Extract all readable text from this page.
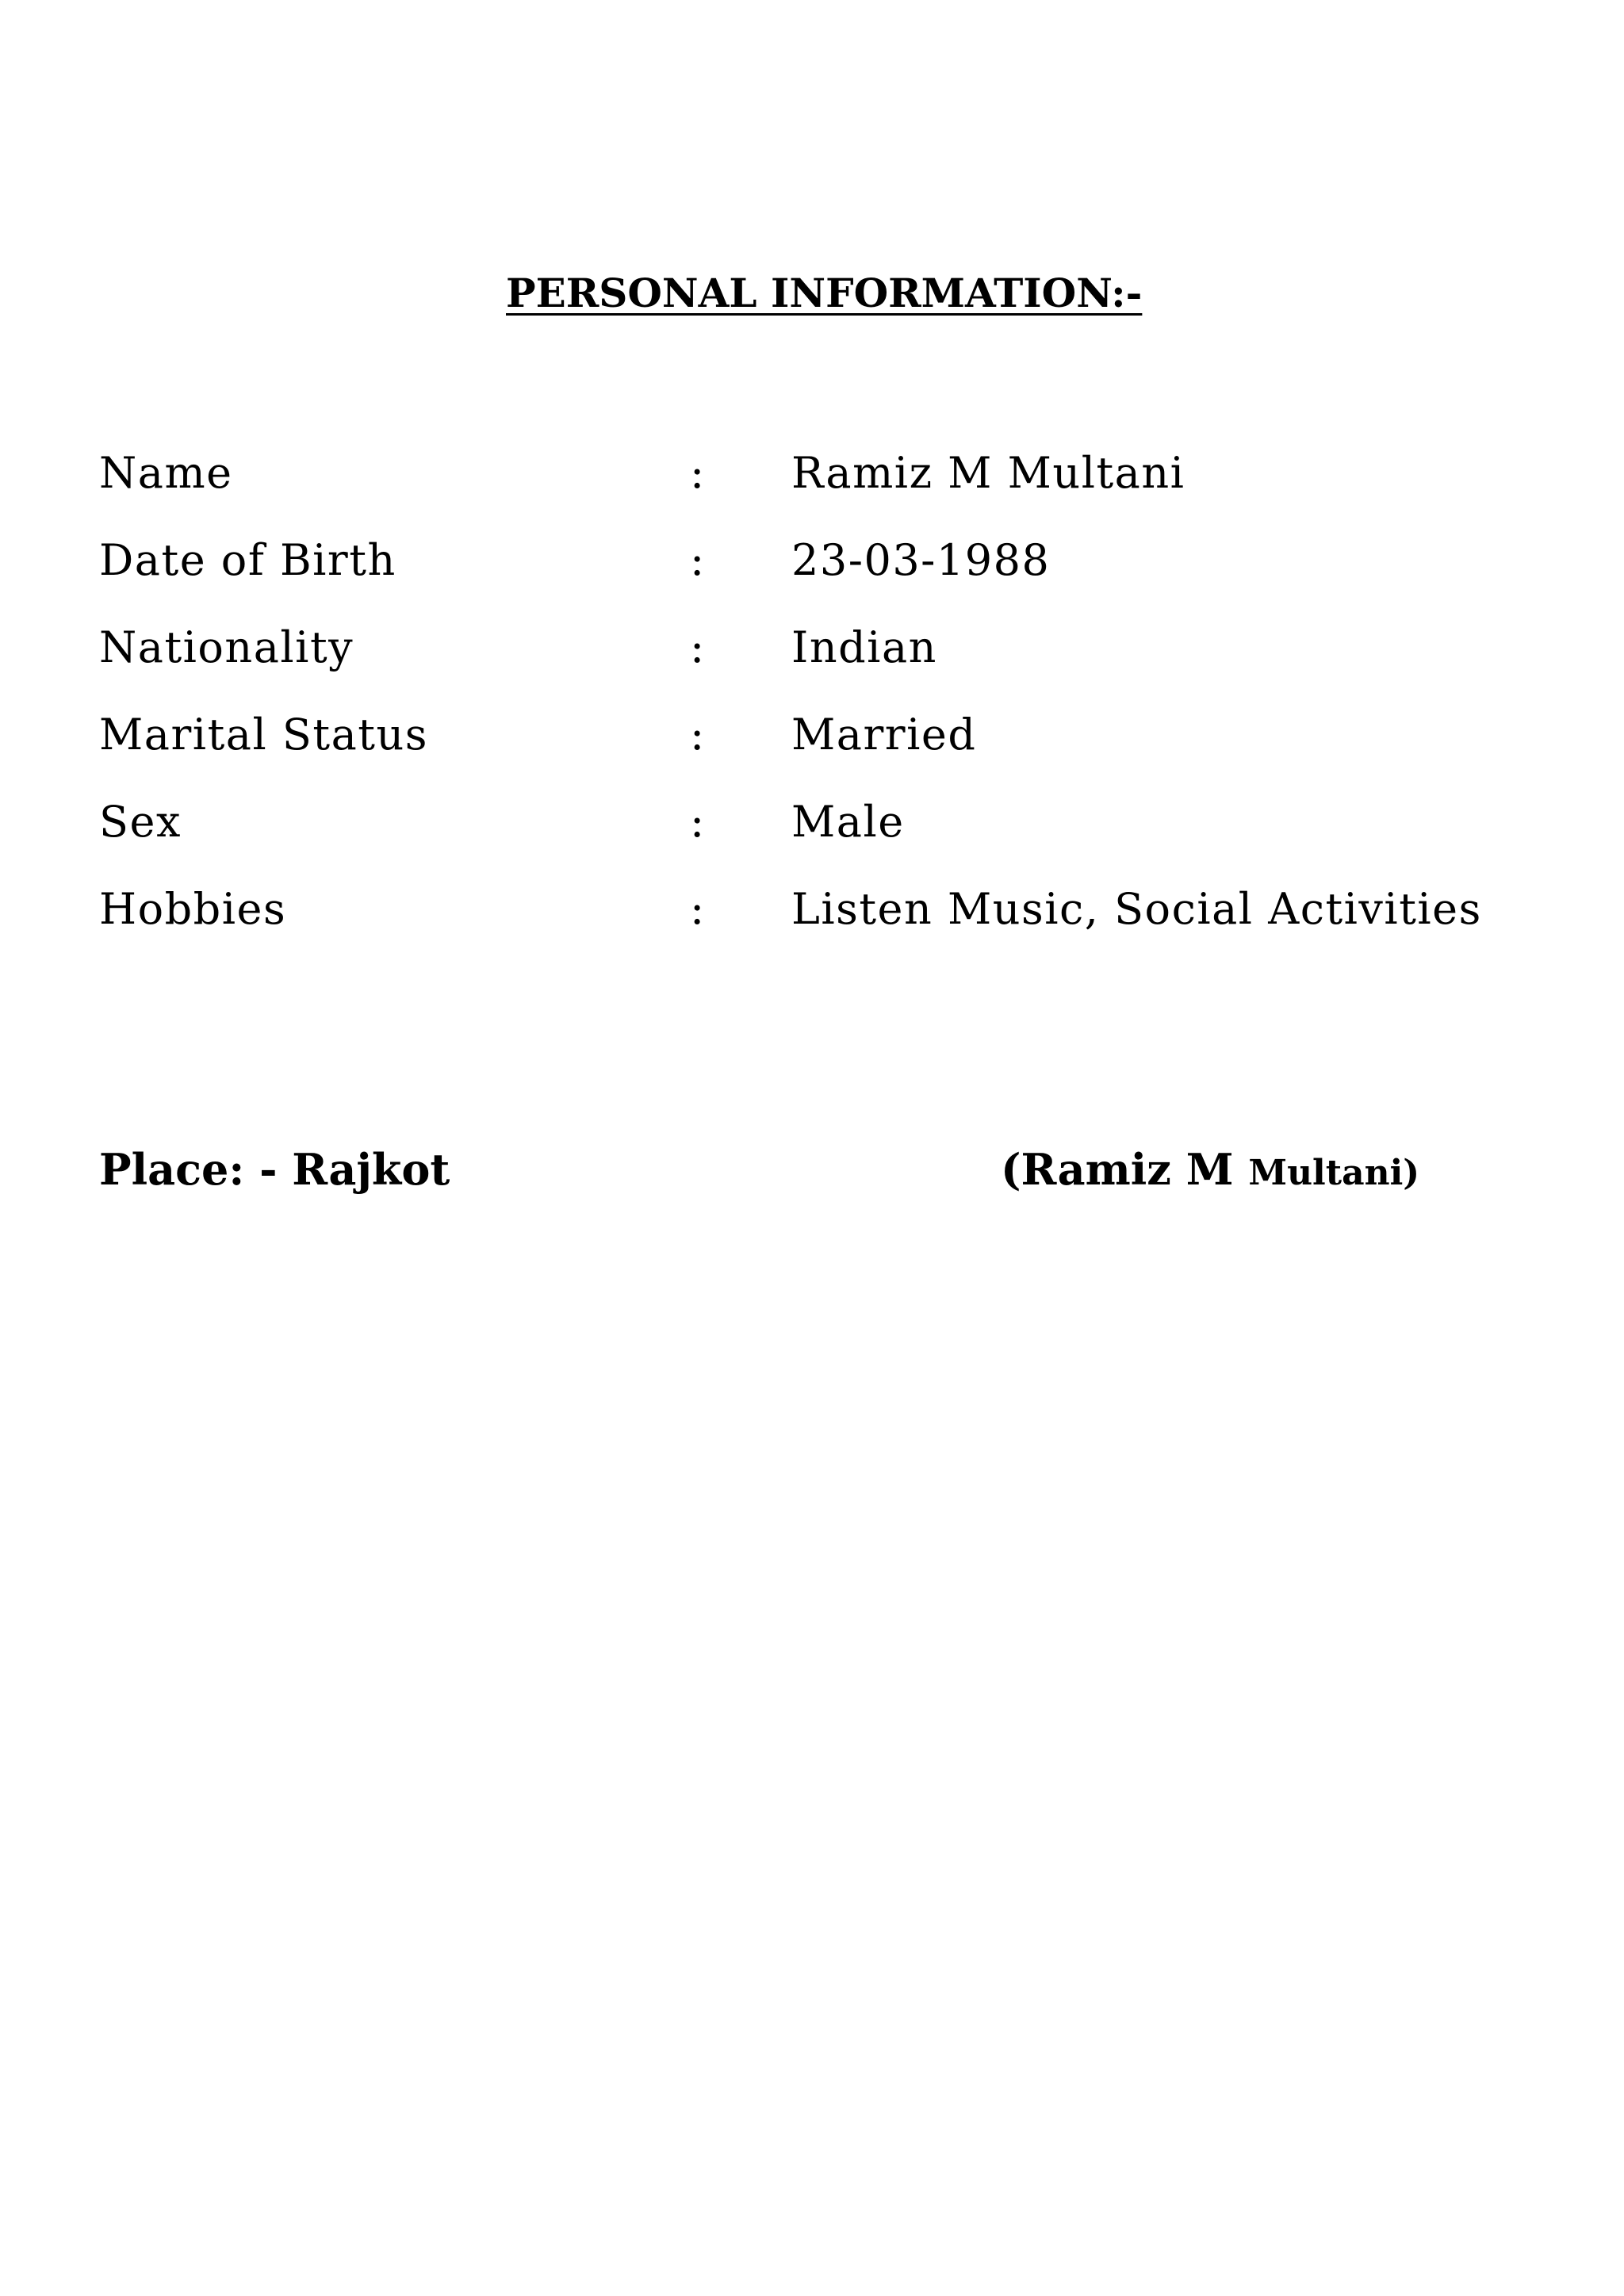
PERSONAL INFORMATION:-
Name	: Ramiz M Multani
Date of Birth	: 23-03-1988
Nationality	: Indian
Marital Status	: Married
Sex	: Male
Hobbies	: Listen Music, Social Activities
Place: - Rajkot	(Ramiz M Multani)
